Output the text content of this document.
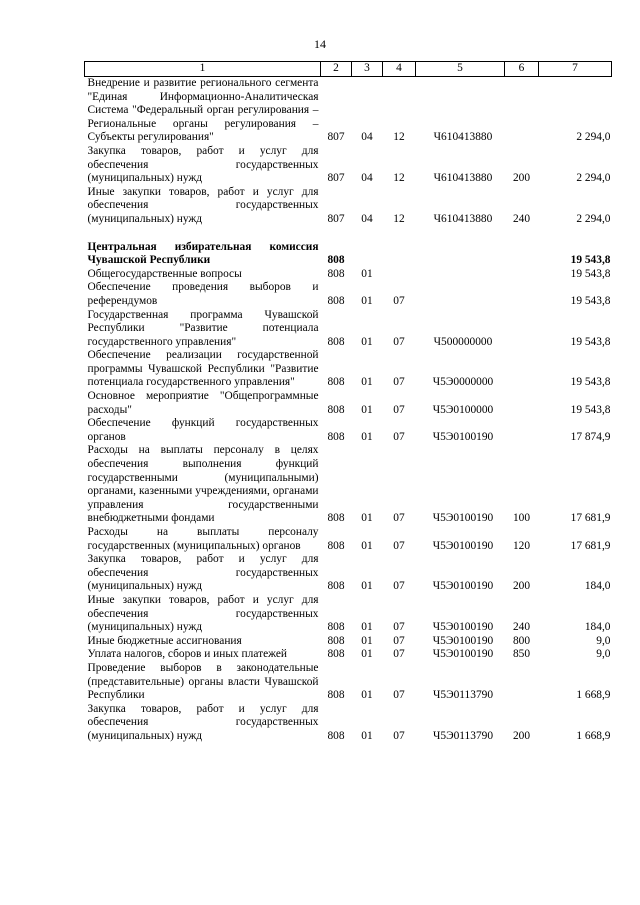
14
1	2	3	4	5	6	7
Внедрение и развитие регионального сегмента "Единая Информационно-Аналитическая Система "Федеральный орган регулирования – Региональные органы регулирования – Субъекты регулирования"	807	04	12	Ч610413880		2 294,0
Закупка товаров, работ и услуг для обеспечения государственных (муниципальных) нужд	807	04	12	Ч610413880	200	2 294,0
Иные закупки товаров, работ и услуг для обеспечения государственных (муниципальных) нужд	807	04	12	Ч610413880	240	2 294,0

Центральная избирательная комиссия Чувашской Республики	808					19 543,8
Общегосударственные вопросы	808	01				19 543,8
Обеспечение проведения выборов и референдумов	808	01	07			19 543,8
Государственная программа Чувашской Республики "Развитие потенциала государственного управления"	808	01	07	Ч500000000		19 543,8
Обеспечение реализации государственной программы Чувашской Республики "Развитие потенциала государственного управления"	808	01	07	Ч5Э0000000		19 543,8
Основное мероприятие "Общепрограммные расходы"	808	01	07	Ч5Э0100000		19 543,8
Обеспечение функций государственных органов	808	01	07	Ч5Э0100190		17 874,9
Расходы на выплаты персоналу в целях обеспечения выполнения функций государственными (муниципальными) органами, казенными учреждениями, органами управления государственными внебюджетными фондами	808	01	07	Ч5Э0100190	100	17 681,9
Расходы на выплаты персоналу государственных (муниципальных) органов	808	01	07	Ч5Э0100190	120	17 681,9
Закупка товаров, работ и услуг для обеспечения государственных (муниципальных) нужд	808	01	07	Ч5Э0100190	200	184,0
Иные закупки товаров, работ и услуг для обеспечения государственных (муниципальных) нужд	808	01	07	Ч5Э0100190	240	184,0
Иные бюджетные ассигнования	808	01	07	Ч5Э0100190	800	9,0
Уплата налогов, сборов и иных платежей	808	01	07	Ч5Э0100190	850	9,0
Проведение выборов в законодательные (представительные) органы власти Чувашской Республики	808	01	07	Ч5Э0113790		1 668,9
Закупка товаров, работ и услуг для обеспечения государственных (муниципальных) нужд	808	01	07	Ч5Э0113790	200	1 668,9
